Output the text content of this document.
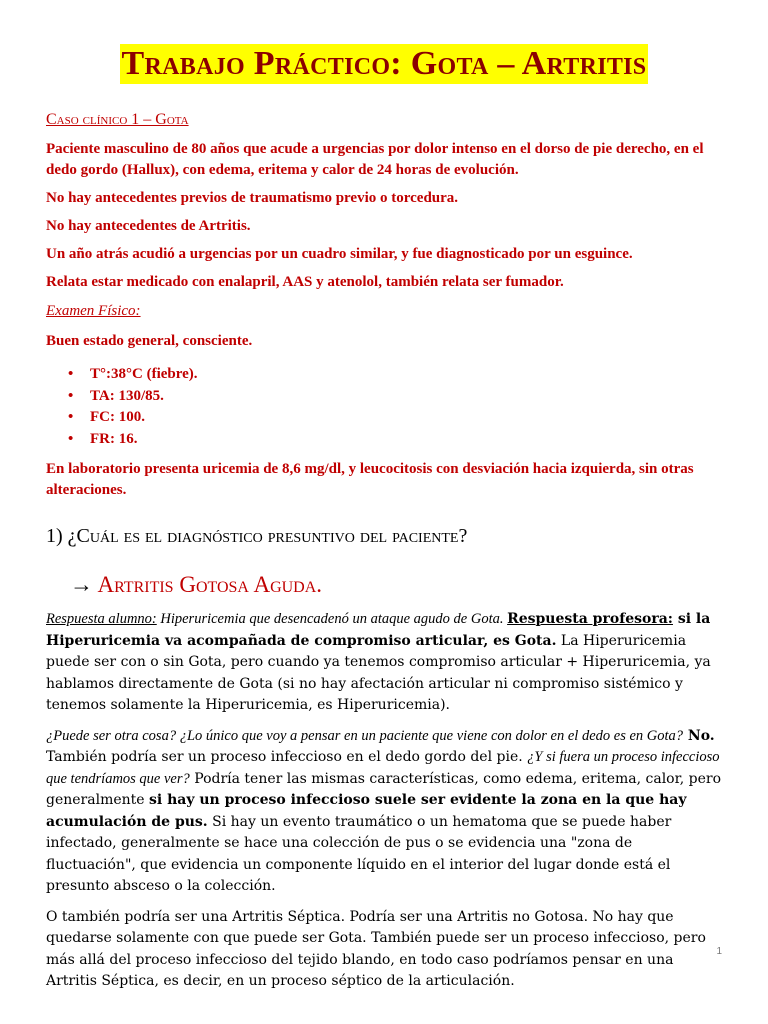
Trabajo Práctico: Gota – Artritis
Caso clínico 1 – Gota

Paciente masculino de 80 años que acude a urgencias por dolor intenso en el dorso de pie derecho, en el dedo gordo (Hallux), con edema, eritema y calor de 24 horas de evolución.

No hay antecedentes previos de traumatismo previo o torcedura.

No hay antecedentes de Artritis.

Un año atrás acudió a urgencias por un cuadro similar, y fue diagnosticado por un esguince.

Relata estar medicado con enalapril, AAS y atenolol, también relata ser fumador.

Examen Físico:

Buen estado general, consciente.

• T°:38°C (fiebre).
• TA: 130/85.
• FC: 100.
• FR: 16.

En laboratorio presenta uricemia de 8,6 mg/dl, y leucocitosis con desviación hacia izquierda, sin otras alteraciones.

1) ¿Cuál es el diagnóstico presuntivo del paciente?
→ Artritis Gotosa Aguda.

Respuesta alumno: Hiperuricemia que desencadenó un ataque agudo de Gota. Respuesta profesora: si la Hiperuricemia va acompañada de compromiso articular, es Gota. La Hiperuricemia puede ser con o sin Gota, pero cuando ya tenemos compromiso articular + Hiperuricemia, ya hablamos directamente de Gota (si no hay afectación articular ni compromiso sistémico y tenemos solamente la Hiperuricemia, es Hiperuricemia).

¿Puede ser otra cosa? ¿Lo único que voy a pensar en un paciente que viene con dolor en el dedo es en Gota? No. También podría ser un proceso infeccioso en el dedo gordo del pie. ¿Y si fuera un proceso infeccioso que tendríamos que ver? Podría tener las mismas características, como edema, eritema, calor, pero generalmente si hay un proceso infeccioso suele ser evidente la zona en la que hay acumulación de pus. Si hay un evento traumático o un hematoma que se puede haber infectado, generalmente se hace una colección de pus o se evidencia una "zona de fluctuación", que evidencia un componente líquido en el interior del lugar donde está el presunto absceso o la colección.

O también podría ser una Artritis Séptica. Podría ser una Artritis no Gotosa. No hay que quedarse solamente con que puede ser Gota. También puede ser un proceso infeccioso, pero más allá del proceso infeccioso del tejido blando, en todo caso podríamos pensar en una Artritis Séptica, es decir, en un proceso séptico de la articulación.

1
